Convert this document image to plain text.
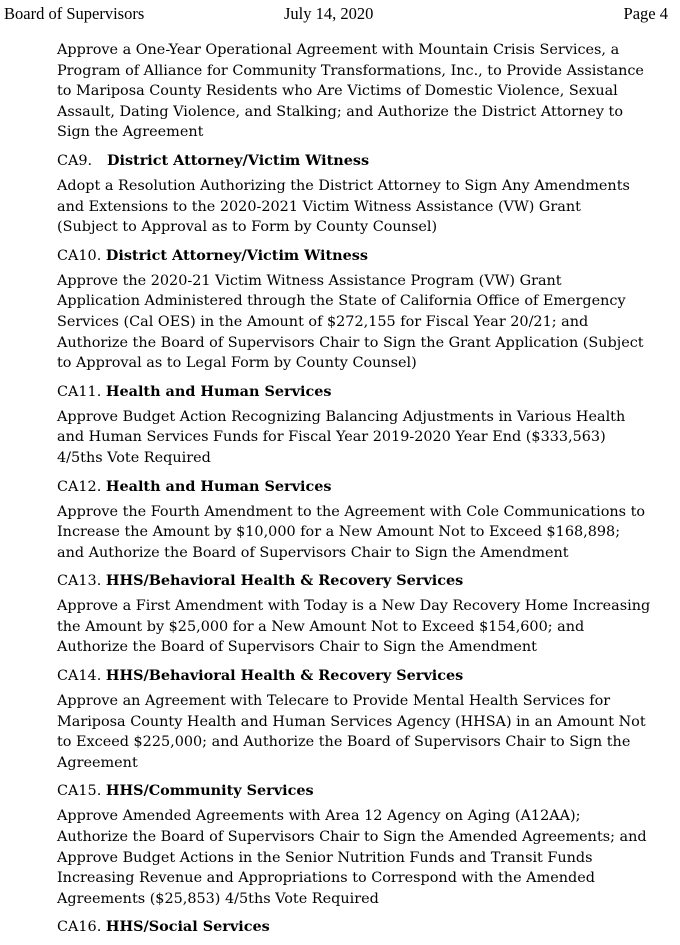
Board of Supervisors	July 14, 2020	Page 4

Approve a One-Year Operational Agreement with Mountain Crisis Services, a
Program of Alliance for Community Transformations, Inc., to Provide Assistance
to Mariposa County Residents who Are Victims of Domestic Violence, Sexual
Assault, Dating Violence, and Stalking; and Authorize the District Attorney to
Sign the Agreement

CA9. District Attorney/Victim Witness

Adopt a Resolution Authorizing the District Attorney to Sign Any Amendments
and Extensions to the 2020-2021 Victim Witness Assistance (VW) Grant
(Subject to Approval as to Form by County Counsel)

CA10. District Attorney/Victim Witness

Approve the 2020-21 Victim Witness Assistance Program (VW) Grant
Application Administered through the State of California Office of Emergency
Services (Cal OES) in the Amount of $272,155 for Fiscal Year 20/21; and
Authorize the Board of Supervisors Chair to Sign the Grant Application (Subject
to Approval as to Legal Form by County Counsel)

CA11. Health and Human Services

Approve Budget Action Recognizing Balancing Adjustments in Various Health
and Human Services Funds for Fiscal Year 2019-2020 Year End ($333,563)
4/5ths Vote Required

CA12. Health and Human Services

Approve the Fourth Amendment to the Agreement with Cole Communications to
Increase the Amount by $10,000 for a New Amount Not to Exceed $168,898;
and Authorize the Board of Supervisors Chair to Sign the Amendment

CA13. HHS/Behavioral Health & Recovery Services

Approve a First Amendment with Today is a New Day Recovery Home Increasing
the Amount by $25,000 for a New Amount Not to Exceed $154,600; and
Authorize the Board of Supervisors Chair to Sign the Amendment

CA14. HHS/Behavioral Health & Recovery Services

Approve an Agreement with Telecare to Provide Mental Health Services for
Mariposa County Health and Human Services Agency (HHSA) in an Amount Not
to Exceed $225,000; and Authorize the Board of Supervisors Chair to Sign the
Agreement

CA15. HHS/Community Services

Approve Amended Agreements with Area 12 Agency on Aging (A12AA);
Authorize the Board of Supervisors Chair to Sign the Amended Agreements; and
Approve Budget Actions in the Senior Nutrition Funds and Transit Funds
Increasing Revenue and Appropriations to Correspond with the Amended
Agreements ($25,853) 4/5ths Vote Required

CA16. HHS/Social Services
